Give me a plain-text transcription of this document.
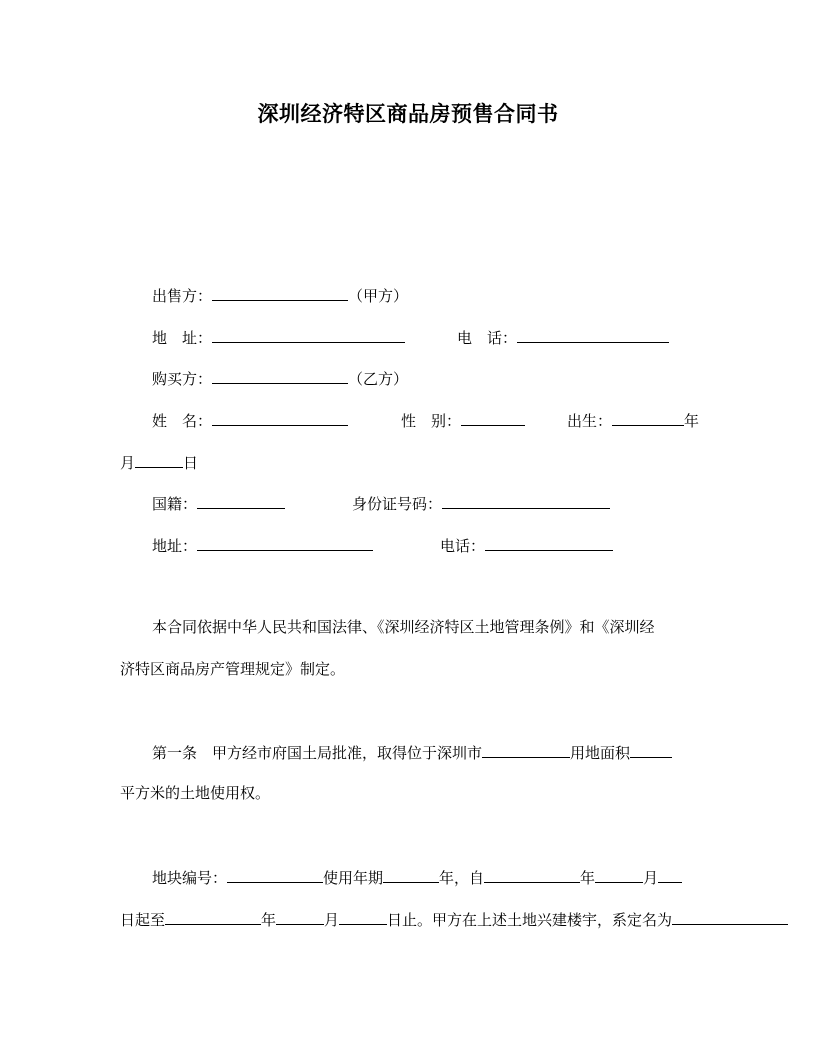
深圳经济特区商品房预售合同书
出售方：	（甲方）
地　址：	电　话：
购买方：	（乙方）
姓　名：	性　别：	出生：	年
月	日
国籍：	身份证号码：
地址：	电话：
本合同依据中华人民共和国法律、《深圳经济特区土地管理条例》和《深圳经
济特区商品房产管理规定》制定。
第一条　甲方经市府国土局批准，取得位于深圳市	用地面积
平方米的土地使用权。
地块编号：	使用年期	年，自	年	月
日起至	年	月	日止。甲方在上述土地兴建楼宇，系定名为
